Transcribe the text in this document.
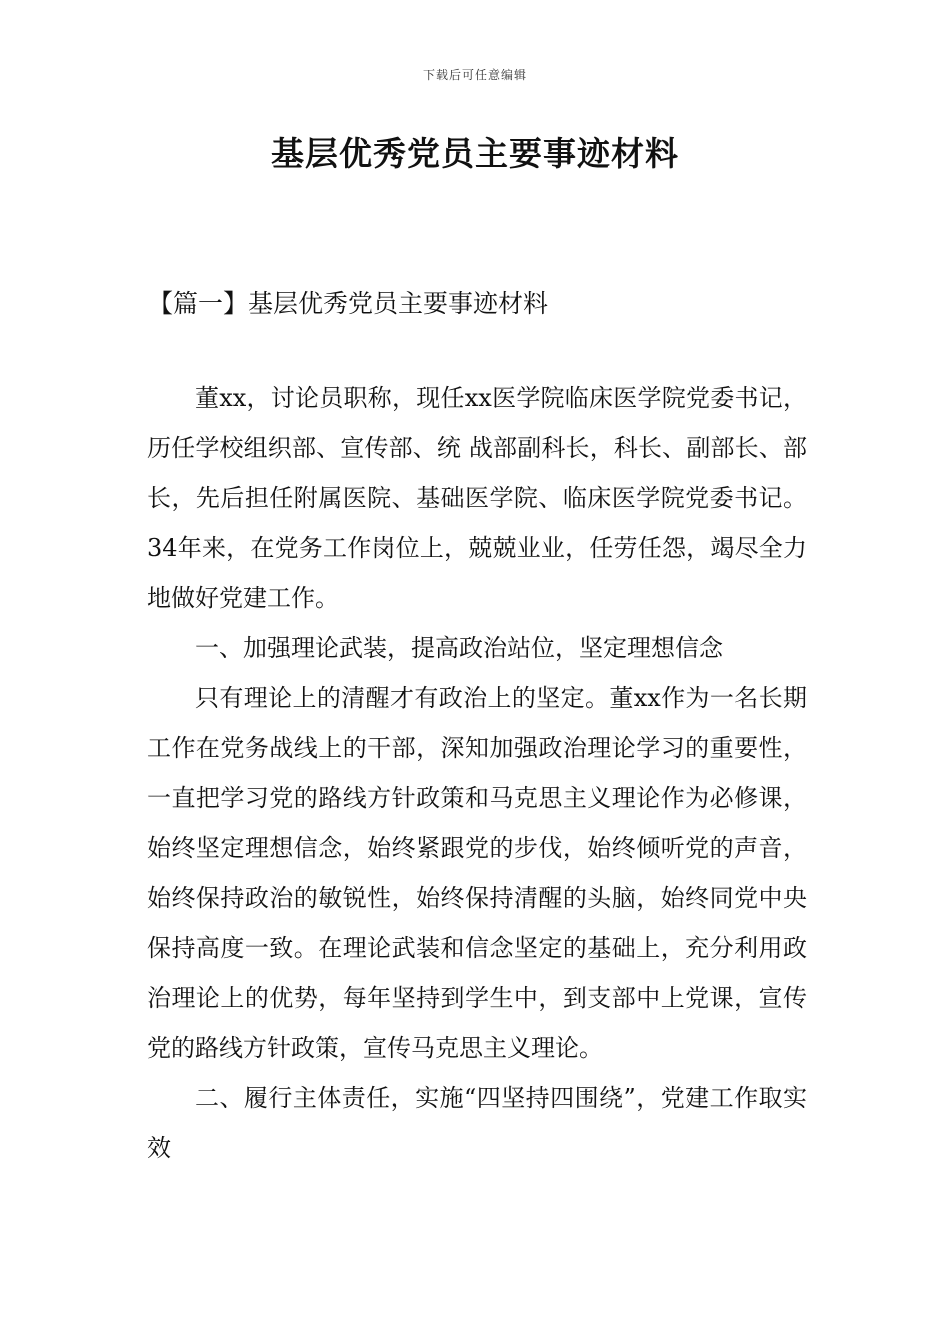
下载后可任意编辑
基层优秀党员主要事迹材料
【篇一】基层优秀党员主要事迹材料

董xx，讨论员职称，现任xx医学院临床医学院党委书记，历任学校组织部、宣传部、统 战部副科长，科长、副部长、部长，先后担任附属医院、基础医学院、临床医学院党委书记。34年来，在党务工作岗位上，兢兢业业，任劳任怨，竭尽全力地做好党建工作。

一、加强理论武装，提高政治站位，坚定理想信念

只有理论上的清醒才有政治上的坚定。董xx作为一名长期工作在党务战线上的干部，深知加强政治理论学习的重要性，一直把学习党的路线方针政策和马克思主义理论作为必修课，始终坚定理想信念，始终紧跟党的步伐，始终倾听党的声音，始终保持政治的敏锐性，始终保持清醒的头脑，始终同党中央保持高度一致。在理论武装和信念坚定的基础上，充分利用政治理论上的优势，每年坚持到学生中，到支部中上党课，宣传党的路线方针政策，宣传马克思主义理论。

二、履行主体责任，实施“四坚持四围绕”，党建工作取实效
